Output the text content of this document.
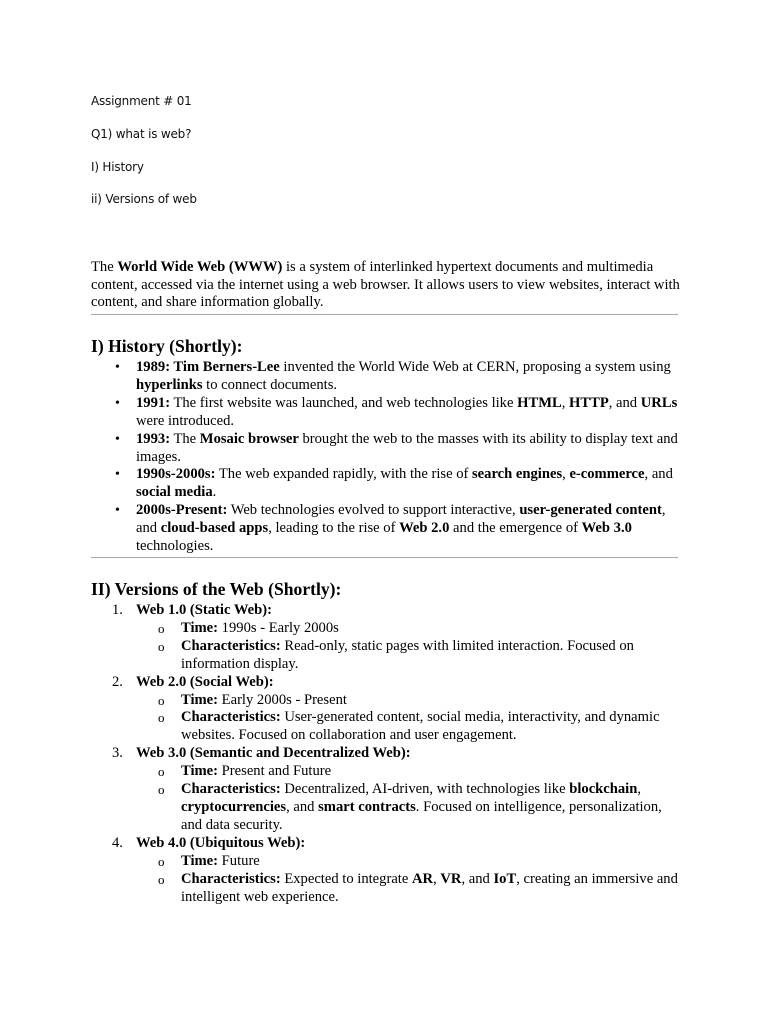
Assignment # 01
Q1) what is web?
I) History
ii) Versions of web
The World Wide Web (WWW) is a system of interlinked hypertext documents and multimedia content, accessed via the internet using a web browser. It allows users to view websites, interact with content, and share information globally.
I) History (Shortly):
• 1989: Tim Berners-Lee invented the World Wide Web at CERN, proposing a system using hyperlinks to connect documents.
• 1991: The first website was launched, and web technologies like HTML, HTTP, and URLs were introduced.
• 1993: The Mosaic browser brought the web to the masses with its ability to display text and images.
• 1990s-2000s: The web expanded rapidly, with the rise of search engines, e-commerce, and social media.
• 2000s-Present: Web technologies evolved to support interactive, user-generated content, and cloud-based apps, leading to the rise of Web 2.0 and the emergence of Web 3.0 technologies.
II) Versions of the Web (Shortly):
1. Web 1.0 (Static Web):
o Time: 1990s - Early 2000s
o Characteristics: Read-only, static pages with limited interaction. Focused on information display.
2. Web 2.0 (Social Web):
o Time: Early 2000s - Present
o Characteristics: User-generated content, social media, interactivity, and dynamic websites. Focused on collaboration and user engagement.
3. Web 3.0 (Semantic and Decentralized Web):
o Time: Present and Future
o Characteristics: Decentralized, AI-driven, with technologies like blockchain, cryptocurrencies, and smart contracts. Focused on intelligence, personalization, and data security.
4. Web 4.0 (Ubiquitous Web):
o Time: Future
o Characteristics: Expected to integrate AR, VR, and IoT, creating an immersive and intelligent web experience.
